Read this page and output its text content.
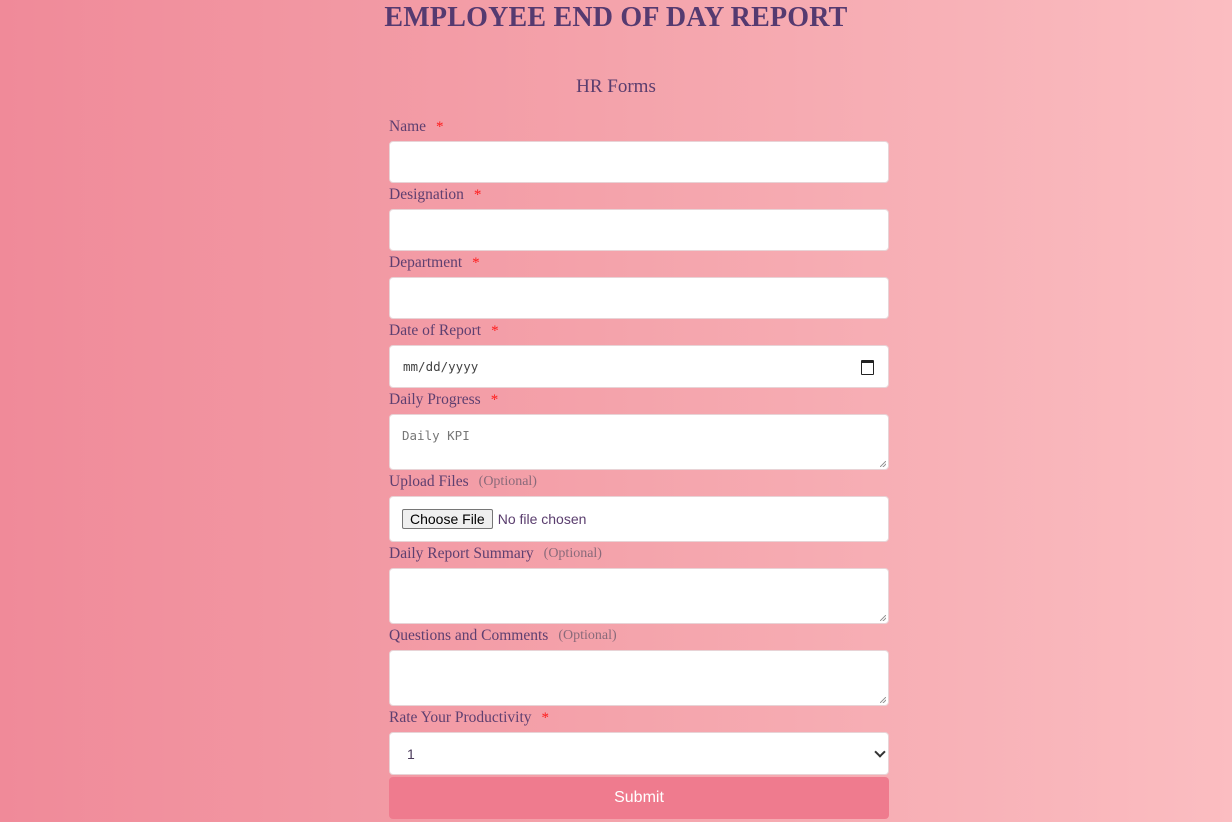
EMPLOYEE END OF DAY REPORT
HR Forms
Name *
Designation *
Department *
Date of Report *
mm/dd/yyyy
Daily Progress *
Daily KPI
Upload Files (Optional)
Choose File No file chosen
Daily Report Summary (Optional)
Questions and Comments (Optional)
Rate Your Productivity *
1
Submit
